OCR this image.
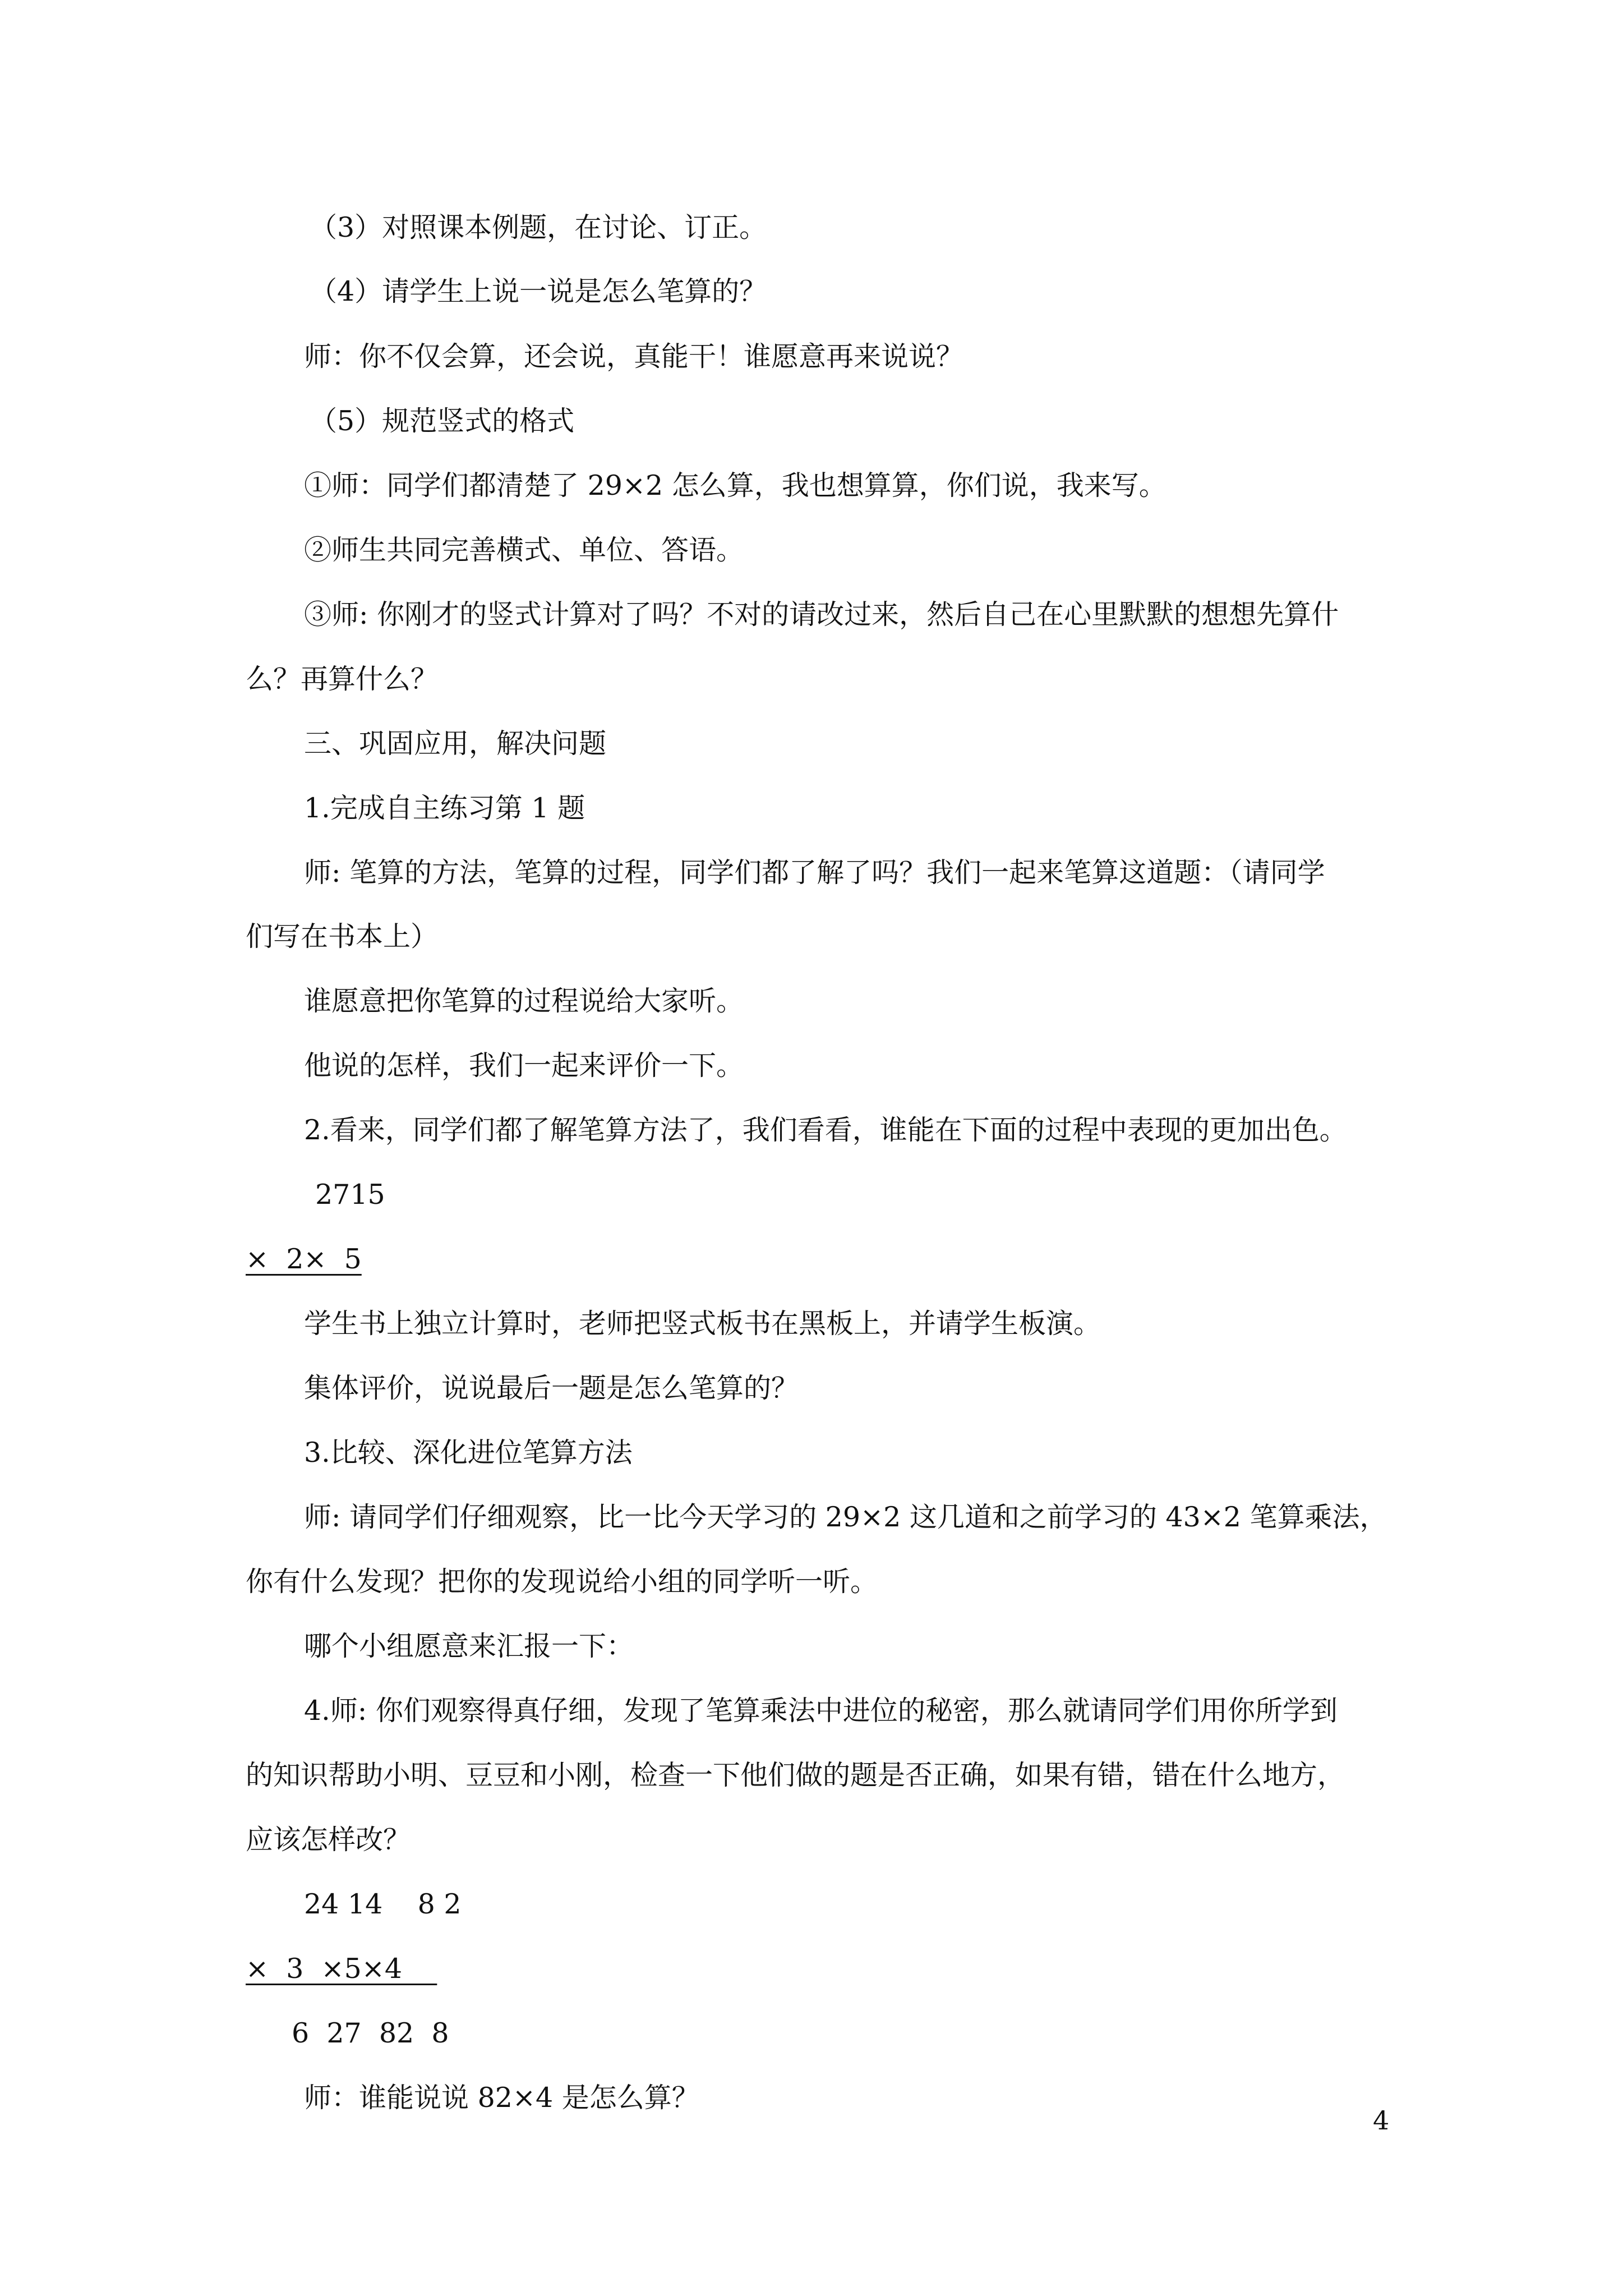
（3）对照课本例题，在讨论、订正。
（4）请学生上说一说是怎么笔算的？
师：你不仅会算，还会说，真能干！谁愿意再来说说？
（5）规范竖式的格式
①师：同学们都清楚了 29×2 怎么算，我也想算算，你们说，我来写。
②师生共同完善横式、单位、答语。
③师: 你刚才的竖式计算对了吗？不对的请改过来，然后自己在心里默默的想想先算什
么？再算什么？
三、巩固应用，解决问题
1.完成自主练习第 1 题
师: 笔算的方法，笔算的过程，同学们都了解了吗？我们一起来笔算这道题：（请同学
们写在书本上）
谁愿意把你笔算的过程说给大家听。
他说的怎样，我们一起来评价一下。
2.看来，同学们都了解笔算方法了，我们看看，谁能在下面的过程中表现的更加出色。
2715
×  2×  5
学生书上独立计算时，老师把竖式板书在黑板上，并请学生板演。
集体评价，说说最后一题是怎么笔算的？
3.比较、深化进位笔算方法
师: 请同学们仔细观察，比一比今天学习的 29×2 这几道和之前学习的 43×2 笔算乘法，
你有什么发现？把你的发现说给小组的同学听一听。
哪个小组愿意来汇报一下：
4.师: 你们观察得真仔细，发现了笔算乘法中进位的秘密，那么就请同学们用你所学到
的知识帮助小明、豆豆和小刚，检查一下他们做的题是否正确，如果有错，错在什么地方，
应该怎样改？
24 14    8 2
×  3  ×5×4
6  27  82  8
师：谁能说说 82×4 是怎么算？
4
